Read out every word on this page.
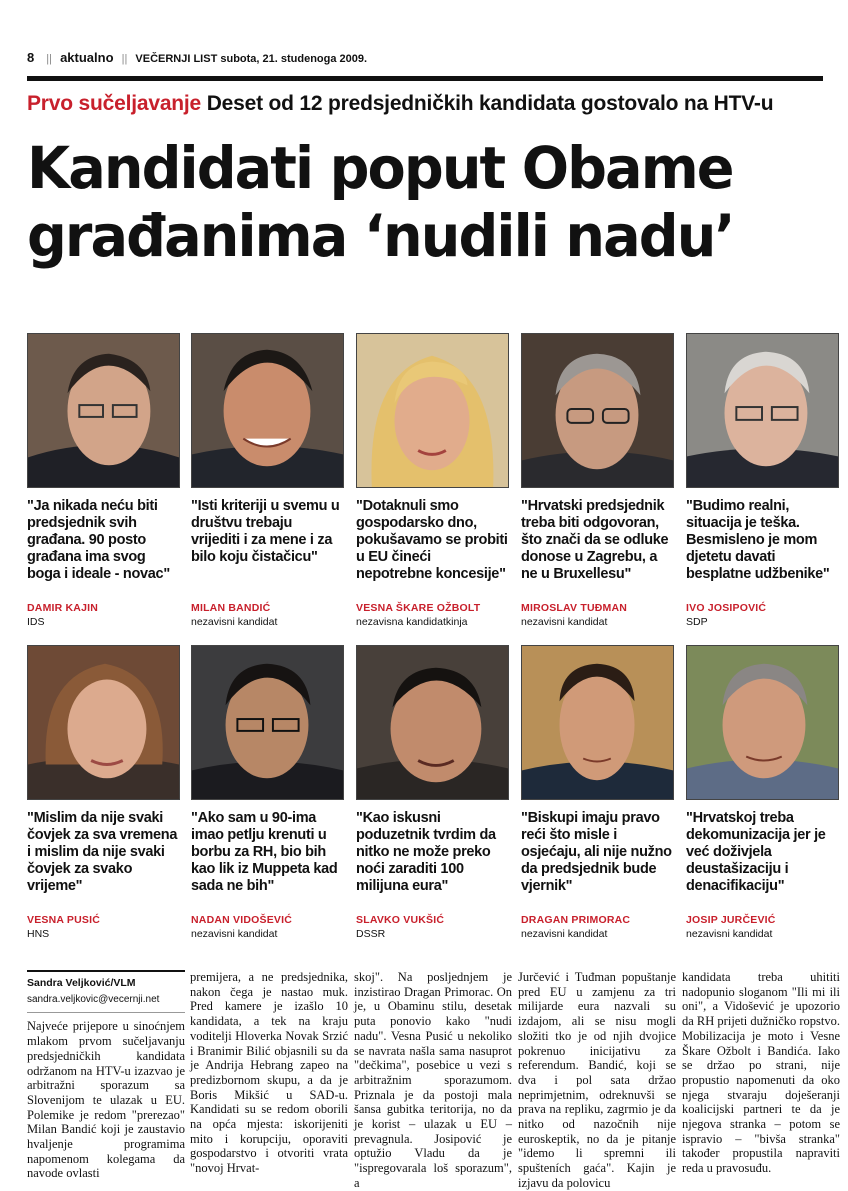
8 || aktualno || VEČERNJI LIST subota, 21. studenoga 2009.
Prvo sučeljavanje Deset od 12 predsjedničkih kandidata gostovalo na HTV-u
Kandidati poput Obame
građanima ‘nudili nadu’
"Ja nikada neću biti predsjednik svih građana. 90 posto građana ima svog boga i ideale - novac"
DAMIR KAJIN
IDS
"Isti kriteriji u svemu u društvu trebaju vrijediti i za mene i za bilo koju čistačicu"
MILAN BANDIĆ
nezavisni kandidat
"Dotaknuli smo gospodarsko dno, pokušavamo se probiti u EU čineći nepotrebne koncesije"
VESNA ŠKARE OŽBOLT
nezavisna kandidatkinja
"Hrvatski predsjednik treba biti odgovoran, što znači da se odluke donose u Zagrebu, a ne u Bruxellesu"
MIROSLAV TUĐMAN
nezavisni kandidat
"Budimo realni, situacija je teška. Besmisleno je mom djetetu davati besplatne udžbenike"
IVO JOSIPOVIĆ
SDP
"Mislim da nije svaki čovjek za sva vremena i mislim da nije svaki čovjek za svako vrijeme"
VESNA PUSIĆ
HNS
"Ako sam u 90-ima imao petlju krenuti u borbu za RH, bio bih kao lik iz Muppeta kad sada ne bih"
NADAN VIDOŠEVIĆ
nezavisni kandidat
"Kao iskusni poduzetnik tvrdim da nitko ne može preko noći zaraditi 100 milijuna eura"
SLAVKO VUKŠIĆ
DSSR
"Biskupi imaju pravo reći što misle i osjećaju, ali nije nužno da predsjednik bude vjernik"
DRAGAN PRIMORAC
nezavisni kandidat
"Hrvatskoj treba dekomunizacija jer je već doživjela deustašizaciju i denacifikaciju"
JOSIP JURČEVIĆ
nezavisni kandidat
Sandra Veljković/VLM
sandra.veljkovic@vecernji.net
Najveće prijepore u sinoćnjem mlakom prvom sučeljavanju predsjedničkih kandidata održanom na HTV-u izazvao je arbitražni sporazum sa Slovenijom te ulazak u EU. Polemike je redom "prerezao" Milan Bandić koji je zaustavio hvaljenje programima napomenom kolegama da navode ovlasti
premijera, a ne predsjednika, nakon čega je nastao muk. Pred kamere je izašlo 10 kandidata, a tek na kraju voditelji Hloverka Novak Srzić i Branimir Bilić objasnili su da je Andrija Hebrang zapeo na predizbornom skupu, a da je Boris Mikšić u SAD-u. Kandidati su se redom oborili na opća mjesta: iskorijeniti mito i korupciju, oporaviti gospodarstvo i otvoriti vrata "novoj Hrvat-
skoj". Na posljednjem je inzistirao Dragan Primorac. On je, u Obaminu stilu, desetak puta ponovio kako "nudi nadu". Vesna Pusić u nekoliko se navrata našla sama nasuprot "dečkima", posebice u vezi s arbitražnim sporazumom. Priznala je da postoji mala šansa gubitka teritorija, no da je korist – ulazak u EU – prevagnula. Josipović je optužio Vladu da je "ispregovarala loš sporazum", a
Jurčević i Tuđman popuštanje pred EU u zamjenu za tri milijarde eura nazvali su izdajom, ali se nisu mogli složiti tko je od njih dvojice pokrenuo inicijativu za referendum. Bandić, koji se dva i pol sata držao neprimjetnim, odreknuvši se prava na repliku, zagrmio je da nitko od nazočnih nije euroskeptik, no da je pitanje "idemo li spremni ili spušteních gaća". Kajin je izjavu da polovicu
kandidata treba uhititi nadopunio sloganom "Ili mi ili oni", a Vidošević je upozorio da RH prijeti dužničko ropstvo. Mobilizacija je moto i Vesne Škare Ožbolt i Bandića. Iako se držao po strani, nije propustio napomenuti da oko njega stvaraju doješeranji koalicijski partneri te da je njegova stranka – potom se ispravio – "bivša stranka" također propustila napraviti reda u pravosuđu.
